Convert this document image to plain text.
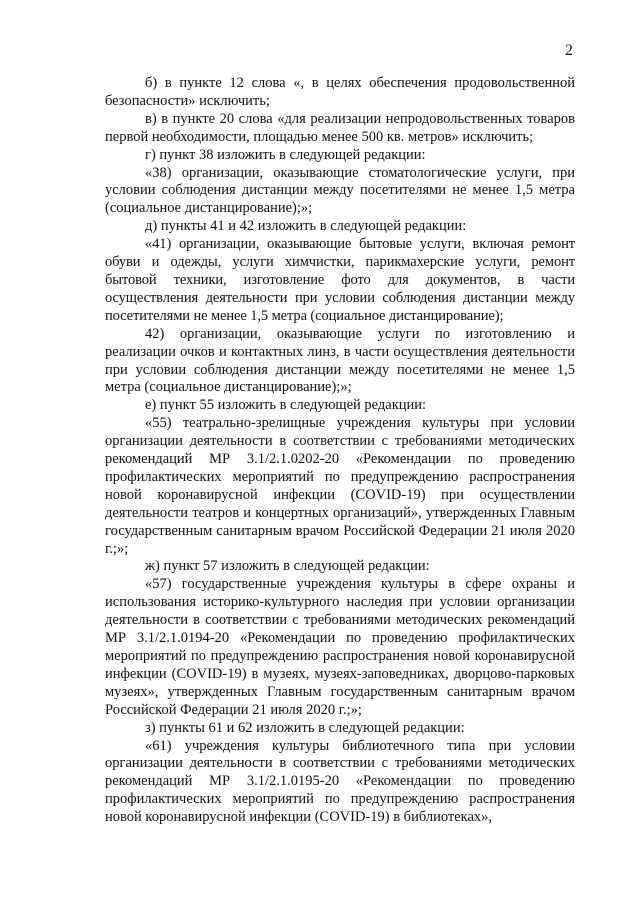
2

б) в пункте 12 слова «, в целях обеспечения продовольственной безопасности» исключить;

в) в пункте 20 слова «для реализации непродовольственных товаров первой необходимости, площадью менее 500 кв. метров» исключить;

г) пункт 38 изложить в следующей редакции:

«38) организации, оказывающие стоматологические услуги, при условии соблюдения дистанции между посетителями не менее 1,5 метра (социальное дистанцирование);»;

д) пункты 41 и 42 изложить в следующей редакции:

«41) организации, оказывающие бытовые услуги, включая ремонт обуви и одежды, услуги химчистки, парикмахерские услуги, ремонт бытовой техники, изготовление фото для документов, в части осуществления деятельности при условии соблюдения дистанции между посетителями не менее 1,5 метра (социальное дистанцирование);

42) организации, оказывающие услуги по изготовлению и реализации очков и контактных линз, в части осуществления деятельности при условии соблюдения дистанции между посетителями не менее 1,5 метра (социальное дистанцирование);»;

е) пункт 55 изложить в следующей редакции:

«55) театрально-зрелищные учреждения культуры при условии организации деятельности в соответствии с требованиями методических рекомендаций МР 3.1/2.1.0202-20 «Рекомендации по проведению профилактических мероприятий по предупреждению распространения новой коронавирусной инфекции (COVID-19) при осуществлении деятельности театров и концертных организаций», утвержденных Главным государственным санитарным врачом Российской Федерации 21 июля 2020 г.;»;

ж) пункт 57 изложить в следующей редакции:

«57) государственные учреждения культуры в сфере охраны и использования историко-культурного наследия при условии организации деятельности в соответствии с требованиями методических рекомендаций МР 3.1/2.1.0194-20 «Рекомендации по проведению профилактических мероприятий по предупреждению распространения новой коронавирусной инфекции (COVID-19) в музеях, музеях-заповедниках, дворцово-парковых музеях», утвержденных Главным государственным санитарным врачом Российской Федерации 21 июля 2020 г.;»;

з) пункты 61 и 62 изложить в следующей редакции:

«61) учреждения культуры библиотечного типа при условии организации деятельности в соответствии с требованиями методических рекомендаций МР 3.1/2.1.0195-20 «Рекомендации по проведению профилактических мероприятий по предупреждению распространения новой коронавирусной инфекции (COVID-19) в библиотеках»,
